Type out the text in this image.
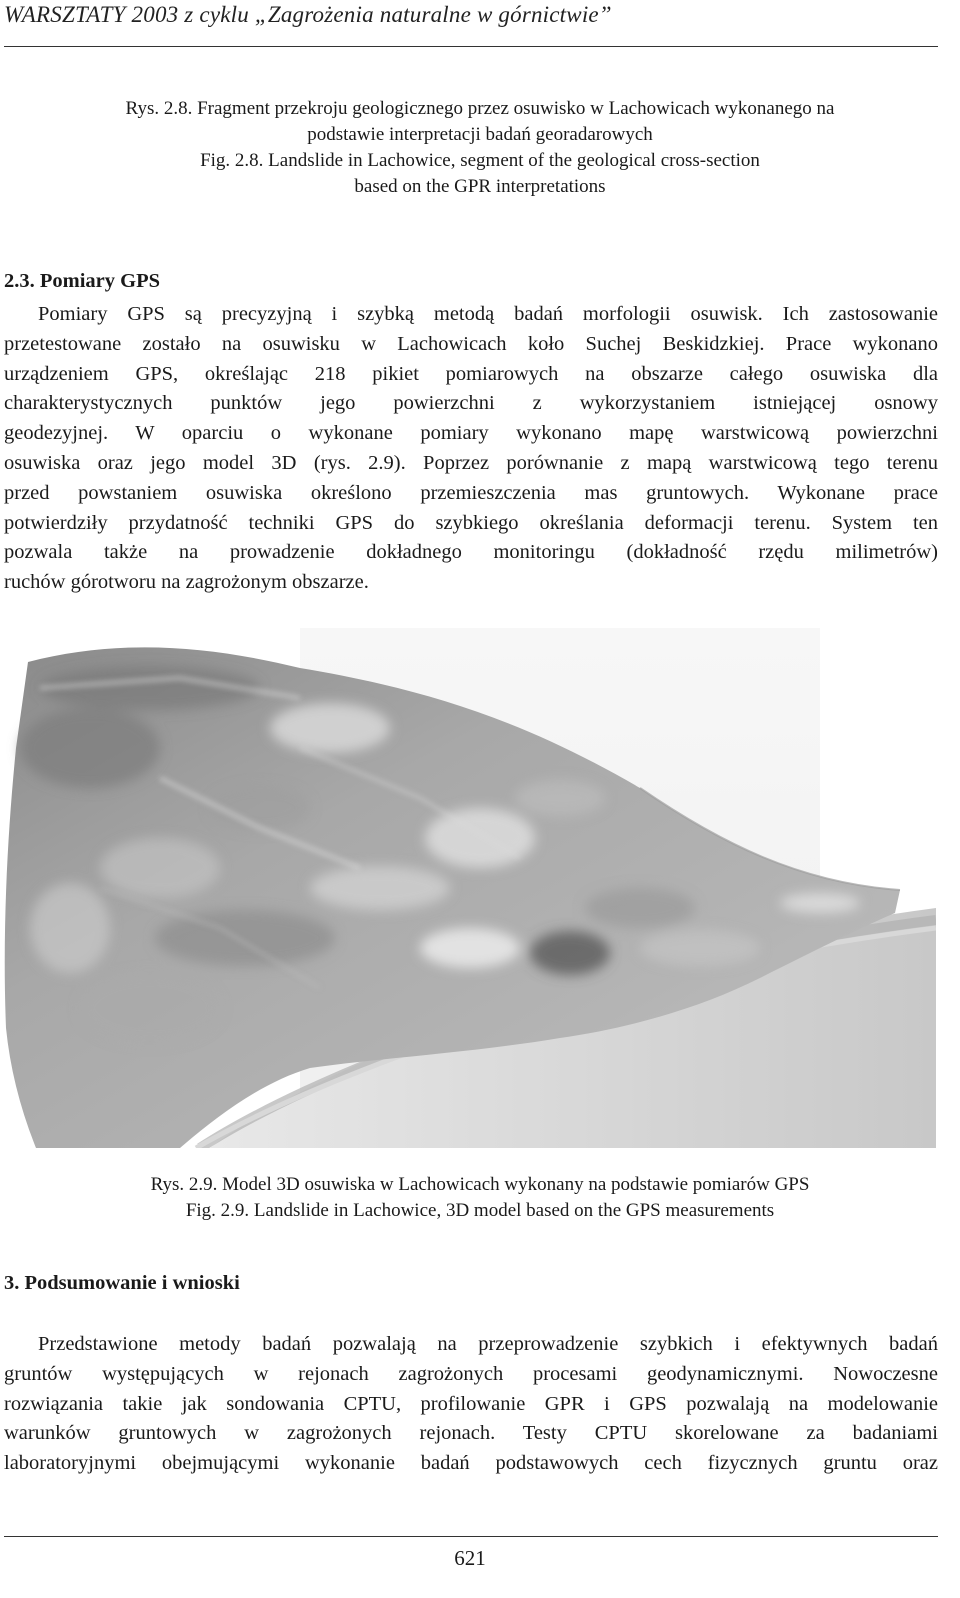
WARSZTATY 2003 z cyklu „Zagrożenia naturalne w górnictwie”
Rys. 2.8. Fragment przekroju geologicznego przez osuwisko w Lachowicach wykonanego na
podstawie interpretacji badań georadarowych
Fig. 2.8. Landslide in Lachowice, segment of the geological cross-section
based on the GPR interpretations
2.3. Pomiary GPS
Pomiary GPS są precyzyjną i szybką metodą badań morfologii osuwisk. Ich zastosowanie
przetestowane zostało na osuwisku w Lachowicach koło Suchej Beskidzkiej. Prace wykonano
urządzeniem GPS, określając 218 pikiet pomiarowych na obszarze całego osuwiska dla
charakterystycznych punktów jego powierzchni z wykorzystaniem istniejącej osnowy
geodezyjnej. W oparciu o wykonane pomiary wykonano mapę warstwicową powierzchni
osuwiska oraz jego model 3D (rys. 2.9). Poprzez porównanie z mapą warstwicową tego terenu
przed powstaniem osuwiska określono przemieszczenia mas gruntowych. Wykonane prace
potwierdziły przydatność techniki GPS do szybkiego określania deformacji terenu. System ten
pozwala także na prowadzenie dokładnego monitoringu (dokładność rzędu milimetrów)
ruchów górotworu na zagrożonym obszarze.
Rys. 2.9. Model 3D osuwiska w Lachowicach wykonany na podstawie pomiarów GPS
Fig. 2.9. Landslide in Lachowice, 3D model based on the GPS measurements
3. Podsumowanie i wnioski
Przedstawione metody badań pozwalają na przeprowadzenie szybkich i efektywnych badań
gruntów występujących w rejonach zagrożonych procesami geodynamicznymi. Nowoczesne
rozwiązania takie jak sondowania CPTU, profilowanie GPR i GPS pozwalają na modelowanie
warunków gruntowych w zagrożonych rejonach. Testy CPTU skorelowane za badaniami
laboratoryjnymi obejmującymi wykonanie badań podstawowych cech fizycznych gruntu oraz
621
